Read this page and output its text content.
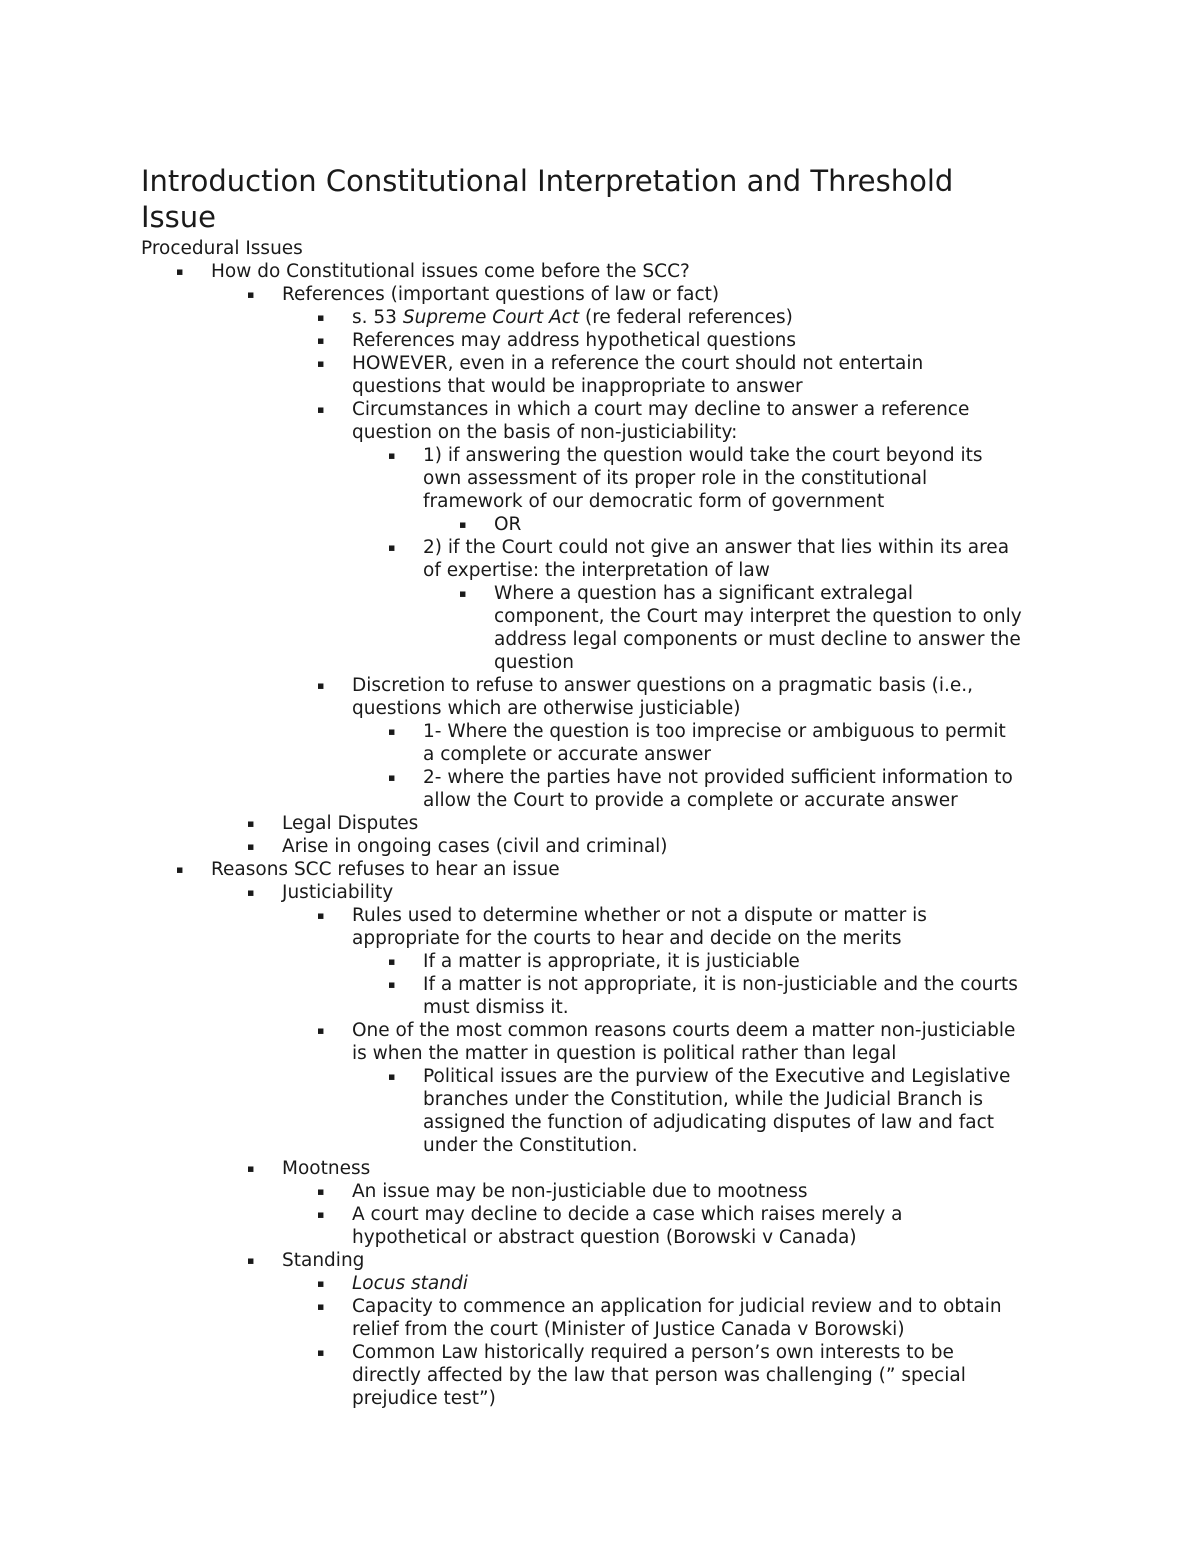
Introduction Constitutional Interpretation and Threshold
Issue
Procedural Issues
▪ How do Constitutional issues come before the SCC?
▪ References (important questions of law or fact)
▪ s. 53 Supreme Court Act (re federal references)
▪ References may address hypothetical questions
▪ HOWEVER, even in a reference the court should not entertain
questions that would be inappropriate to answer
▪ Circumstances in which a court may decline to answer a reference
question on the basis of non-justiciability:
▪ 1) if answering the question would take the court beyond its
own assessment of its proper role in the constitutional
framework of our democratic form of government
▪ OR
▪ 2) if the Court could not give an answer that lies within its area
of expertise: the interpretation of law
▪ Where a question has a significant extralegal
component, the Court may interpret the question to only
address legal components or must decline to answer the
question
▪ Discretion to refuse to answer questions on a pragmatic basis (i.e.,
questions which are otherwise justiciable)
▪ 1- Where the question is too imprecise or ambiguous to permit
a complete or accurate answer
▪ 2- where the parties have not provided sufficient information to
allow the Court to provide a complete or accurate answer
▪ Legal Disputes
▪ Arise in ongoing cases (civil and criminal)
▪ Reasons SCC refuses to hear an issue
▪ Justiciability
▪ Rules used to determine whether or not a dispute or matter is
appropriate for the courts to hear and decide on the merits
▪ If a matter is appropriate, it is justiciable
▪ If a matter is not appropriate, it is non-justiciable and the courts
must dismiss it.
▪ One of the most common reasons courts deem a matter non-justiciable
is when the matter in question is political rather than legal
▪ Political issues are the purview of the Executive and Legislative
branches under the Constitution, while the Judicial Branch is
assigned the function of adjudicating disputes of law and fact
under the Constitution.
▪ Mootness
▪ An issue may be non-justiciable due to mootness
▪ A court may decline to decide a case which raises merely a
hypothetical or abstract question (Borowski v Canada)
▪ Standing
▪ Locus standi
▪ Capacity to commence an application for judicial review and to obtain
relief from the court (Minister of Justice Canada v Borowski)
▪ Common Law historically required a person’s own interests to be
directly affected by the law that person was challenging (” special
prejudice test”)
